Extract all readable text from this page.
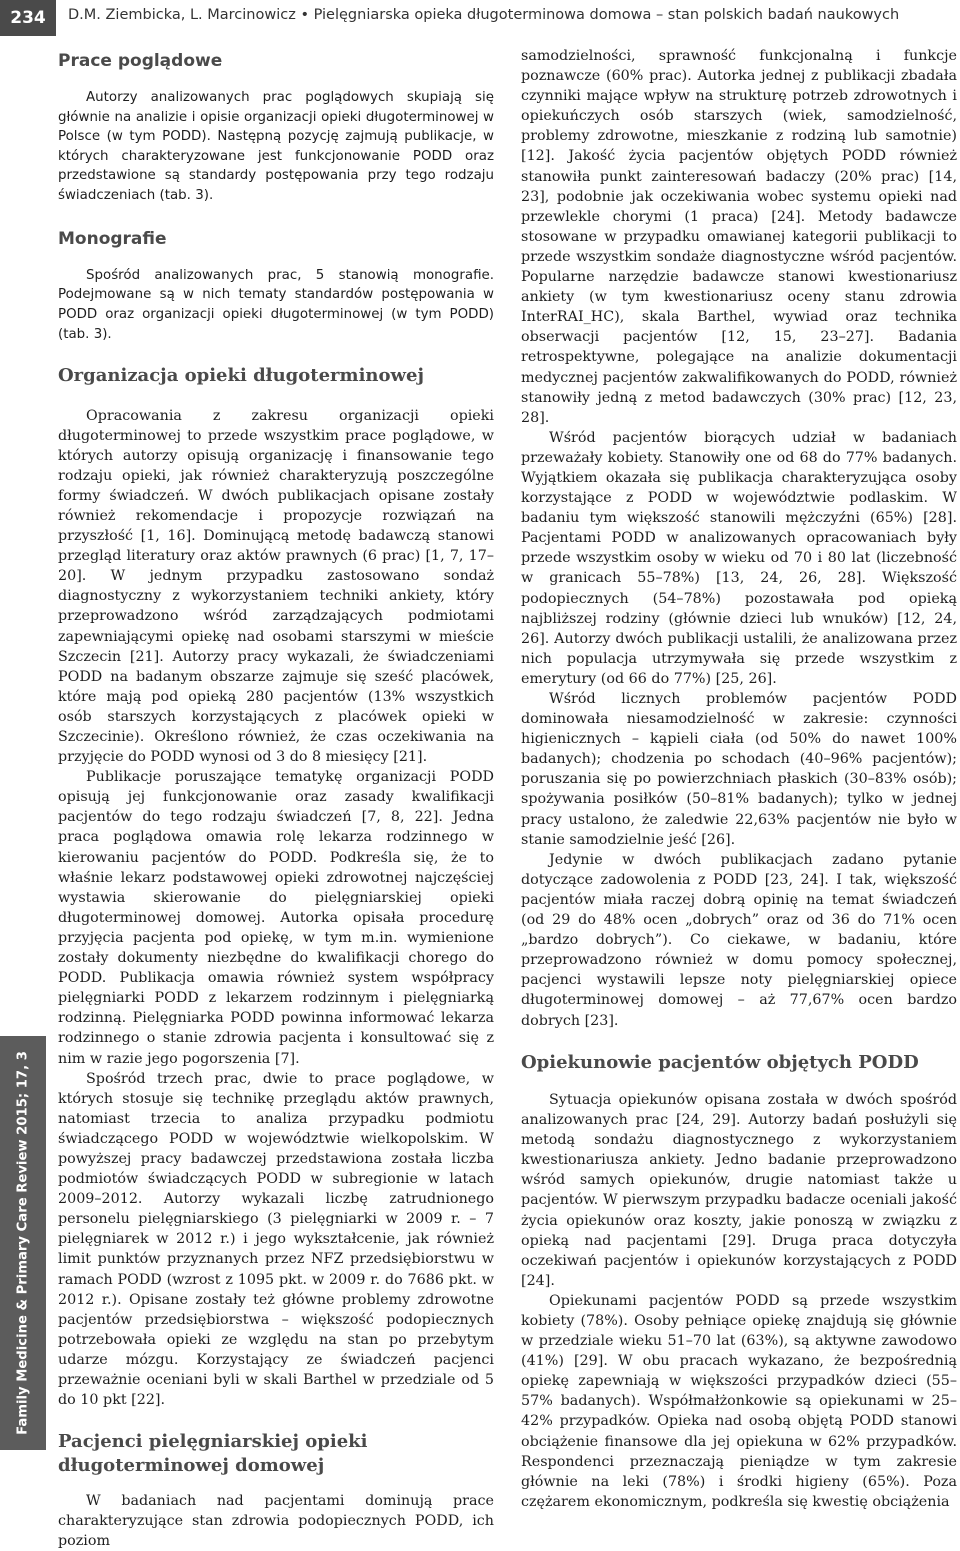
234	D.M. Ziembicka, L. Marcinowicz • Pielęgniarska opieka długoterminowa domowa – stan polskich badań naukowych
Family Medicine & Primary Care Review 2015; 17, 3
Prace poglądowe

Autorzy analizowanych prac poglądowych skupiają się głównie na analizie i opisie organizacji opieki długoterminowej w Polsce (w tym PODD). Następną pozycję zajmują publikacje, w których charakteryzowane jest funkcjonowanie PODD oraz przedstawione są standardy postępowania przy tego rodzaju świadczeniach (tab. 3).

Monografie

Spośród analizowanych prac, 5 stanowią monografie. Podejmowane są w nich tematy standardów postępowania w PODD oraz organizacji opieki długoterminowej (w tym PODD) (tab. 3).

Organizacja opieki długoterminowej

Opracowania z zakresu organizacji opieki długoterminowej to przede wszystkim prace poglądowe, w których autorzy opisują organizację i finansowanie tego rodzaju opieki, jak również charakteryzują poszczególne formy świadczeń. W dwóch publikacjach opisane zostały również rekomendacje i propozycje rozwiązań na przyszłość [1, 16]. Dominującą metodę badawczą stanowi przegląd literatury oraz aktów prawnych (6 prac) [1, 7, 17–20]. W jednym przypadku zastosowano sondaż diagnostyczny z wykorzystaniem techniki ankiety, który przeprowadzono wśród zarządzających podmiotami zapewniającymi opiekę nad osobami starszymi w mieście Szczecin [21]. Autorzy pracy wykazali, że świadczeniami PODD na badanym obszarze zajmuje się sześć placówek, które mają pod opieką 280 pacjentów (13% wszystkich osób starszych korzystających z placówek opieki w Szczecinie). Określono również, że czas oczekiwania na przyjęcie do PODD wynosi od 3 do 8 miesięcy [21].

Publikacje poruszające tematykę organizacji PODD opisują jej funkcjonowanie oraz zasady kwalifikacji pacjentów do tego rodzaju świadczeń [7, 8, 22]. Jedna praca poglądowa omawia rolę lekarza rodzinnego w kierowaniu pacjentów do PODD. Podkreśla się, że to właśnie lekarz podstawowej opieki zdrowotnej najczęściej wystawia skierowanie do pielęgniarskiej opieki długoterminowej domowej. Autorka opisała procedurę przyjęcia pacjenta pod opiekę, w tym m.in. wymienione zostały dokumenty niezbędne do kwalifikacji chorego do PODD. Publikacja omawia również system współpracy pielęgniarki PODD z lekarzem rodzinnym i pielęgniarką rodzinną. Pielęgniarka PODD powinna informować lekarza rodzinnego o stanie zdrowia pacjenta i konsultować się z nim w razie jego pogorszenia [7].

Spośród trzech prac, dwie to prace poglądowe, w których stosuje się technikę przeglądu aktów prawnych, natomiast trzecia to analiza przypadku podmiotu świadczącego PODD w województwie wielkopolskim. W powyższej pracy badawczej przedstawiona została liczba podmiotów świadczących PODD w subregionie w latach 2009–2012. Autorzy wykazali liczbę zatrudnionego personelu pielęgniarskiego (3 pielęgniarki w 2009 r. – 7 pielęgniarek w 2012 r.) i jego wykształcenie, jak również limit punktów przyznanych przez NFZ przedsiębiorstwu w ramach PODD (wzrost z 1095 pkt. w 2009 r. do 7686 pkt. w 2012 r.). Opisane zostały też główne problemy zdrowotne pacjentów przedsiębiorstwa – większość podopiecznych potrzebowała opieki ze względu na stan po przebytym udarze mózgu. Korzystający ze świadczeń pacjenci przeważnie oceniani byli w skali Barthel w przedziale od 5 do 10 pkt [22].

Pacjenci pielęgniarskiej opieki długoterminowej domowej

W badaniach nad pacjentami dominują prace charakteryzujące stan zdrowia podopiecznych PODD, ich poziom

samodzielności, sprawność funkcjonalną i funkcje poznawcze (60% prac). Autorka jednej z publikacji zbadała czynniki mające wpływ na strukturę potrzeb zdrowotnych i opiekuńczych osób starszych (wiek, samodzielność, problemy zdrowotne, mieszkanie z rodziną lub samotnie) [12]. Jakość życia pacjentów objętych PODD również stanowiła punkt zainteresowań badaczy (20% prac) [14, 23], podobnie jak oczekiwania wobec systemu opieki nad przewlekle chorymi (1 praca) [24]. Metody badawcze stosowane w przypadku omawianej kategorii publikacji to przede wszystkim sondaże diagnostyczne wśród pacjentów. Popularne narzędzie badawcze stanowi kwestionariusz ankiety (w tym kwestionariusz oceny stanu zdrowia InterRAI_HC), skala Barthel, wywiad oraz technika obserwacji pacjentów [12, 15, 23–27]. Badania retrospektywne, polegające na analizie dokumentacji medycznej pacjentów zakwalifikowanych do PODD, również stanowiły jedną z metod badawczych (30% prac) [12, 23, 28].

Wśród pacjentów biorących udział w badaniach przeważały kobiety. Stanowiły one od 68 do 77% badanych. Wyjątkiem okazała się publikacja charakteryzująca osoby korzystające z PODD w województwie podlaskim. W badaniu tym większość stanowili mężczyźni (65%) [28]. Pacjentami PODD w analizowanych opracowaniach były przede wszystkim osoby w wieku od 70 i 80 lat (liczebność w granicach 55–78%) [13, 24, 26, 28]. Większość podopiecznych (54–78%) pozostawała pod opieką najbliższej rodziny (głównie dzieci lub wnuków) [12, 24, 26]. Autorzy dwóch publikacji ustalili, że analizowana przez nich populacja utrzymywała się przede wszystkim z emerytury (od 66 do 77%) [25, 26].

Wśród licznych problemów pacjentów PODD dominowała niesamodzielność w zakresie: czynności higienicznych – kąpieli ciała (od 50% do nawet 100% badanych); chodzenia po schodach (40–96% pacjentów); poruszania się po powierzchniach płaskich (30–83% osób); spożywania posiłków (50–81% badanych); tylko w jednej pracy ustalono, że zaledwie 22,63% pacjentów nie było w stanie samodzielnie jeść [26].

Jedynie w dwóch publikacjach zadano pytanie dotyczące zadowolenia z PODD [23, 24]. I tak, większość pacjentów miała raczej dobrą opinię na temat świadczeń (od 29 do 48% ocen „dobrych” oraz od 36 do 71% ocen „bardzo dobrych”). Co ciekawe, w badaniu, które przeprowadzono również w domu pomocy społecznej, pacjenci wystawili lepsze noty pielęgniarskiej opiece długoterminowej domowej – aż 77,67% ocen bardzo dobrych [23].

Opiekunowie pacjentów objętych PODD

Sytuacja opiekunów opisana została w dwóch spośród analizowanych prac [24, 29]. Autorzy badań posłużyli się metodą sondażu diagnostycznego z wykorzystaniem kwestionariusza ankiety. Jedno badanie przeprowadzono wśród samych opiekunów, drugie natomiast także u pacjentów. W pierwszym przypadku badacze oceniali jakość życia opiekunów oraz koszty, jakie ponoszą w związku z opieką nad pacjentami [29]. Druga praca dotyczyła oczekiwań pacjentów i opiekunów korzystających z PODD [24].

Opiekunami pacjentów PODD są przede wszystkim kobiety (78%). Osoby pełniące opiekę znajdują się głównie w przedziale wieku 51–70 lat (63%), są aktywne zawodowo (41%) [29]. W obu pracach wykazano, że bezpośrednią opiekę zapewniają w większości przypadków dzieci (55–57% badanych). Współmałżonkowie są opiekunami w 25–42% przypadków. Opieka nad osobą objętą PODD stanowi obciążenie finansowe dla jej opiekuna w 62% przypadków. Respondenci przeznaczają pieniądze w tym zakresie głównie na leki (78%) i środki higieny (65%). Poza czężarem ekonomicznym, podkreśla się kwestię obciążenia
